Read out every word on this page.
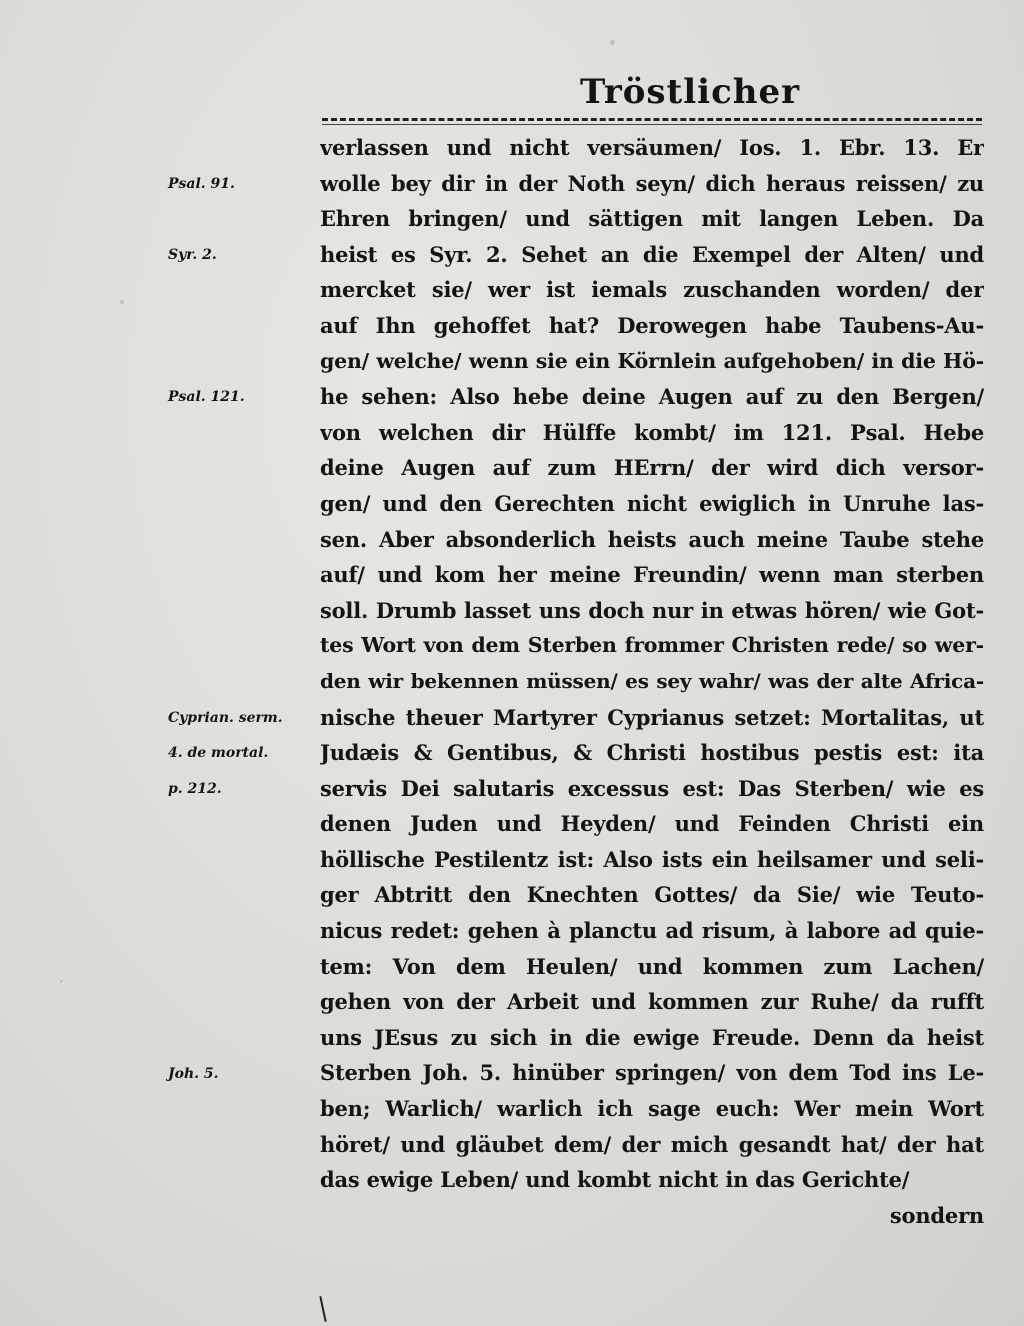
Tröstlicher
Psal. 91.
Syr. 2.
Psal. 121.
Cyprian. serm.
4. de mortal.
p. 212.
Joh. 5.
verlassen und nicht versäumen/ Ios. 1. Ebr. 13. Er
wolle bey dir in der Noth seyn/ dich heraus reissen/ zu
Ehren bringen/ und sättigen mit langen Leben. Da
heist es Syr. 2. Sehet an die Exempel der Alten/ und
mercket sie/ wer ist iemals zuschanden worden/ der
auf Ihn gehoffet hat? Derowegen habe Taubens-Au-
gen/ welche/ wenn sie ein Körnlein aufgehoben/ in die Hö-
he sehen: Also hebe deine Augen auf zu den Bergen/
von welchen dir Hülffe kombt/ im 121. Psal. Hebe
deine Augen auf zum HErrn/ der wird dich versor-
gen/ und den Gerechten nicht ewiglich in Unruhe las-
sen. Aber absonderlich heists auch meine Taube stehe
auf/ und kom her meine Freundin/ wenn man sterben
soll. Drumb lasset uns doch nur in etwas hören/ wie Got-
tes Wort von dem Sterben frommer Christen rede/ so wer-
den wir bekennen müssen/ es sey wahr/ was der alte Africa-
nische theuer Martyrer Cyprianus setzet: Mortalitas, ut
Judæis & Gentibus, & Christi hostibus pestis est: ita
servis Dei salutaris excessus est: Das Sterben/ wie es
denen Juden und Heyden/ und Feinden Christi ein
höllische Pestilentz ist: Also ists ein heilsamer und seli-
ger Abtritt den Knechten Gottes/ da Sie/ wie Teuto-
nicus redet: gehen à planctu ad risum, à labore ad quie-
tem: Von dem Heulen/ und kommen zum Lachen/
gehen von der Arbeit und kommen zur Ruhe/ da rufft
uns JEsus zu sich in die ewige Freude. Denn da heist
Sterben Joh. 5. hinüber springen/ von dem Tod ins Le-
ben; Warlich/ warlich ich sage euch: Wer mein Wort
höret/ und gläubet dem/ der mich gesandt hat/ der hat
das ewige Leben/ und kombt nicht in das Gerichte/
sondern
